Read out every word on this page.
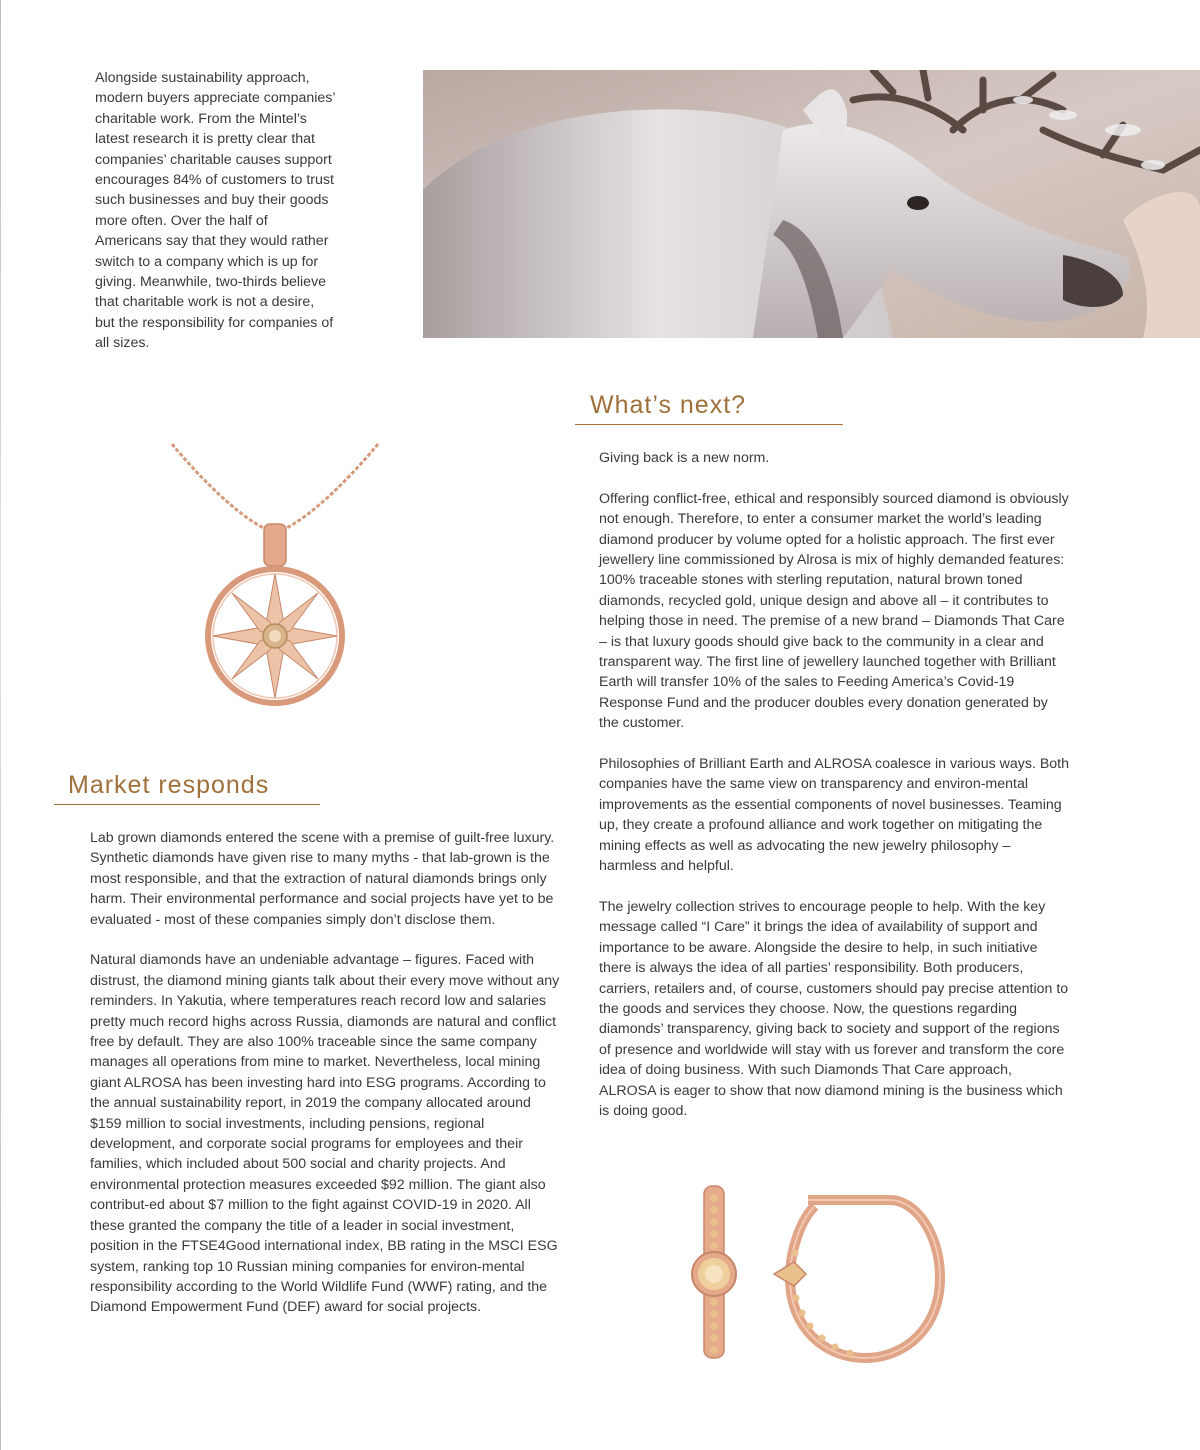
Alongside sustainability approach, modern buyers appreciate companies’ charitable work. From the Mintel’s latest research it is pretty clear that companies’ charitable causes support encourages 84% of customers to trust such businesses and buy their goods more often. Over the half of Americans say that they would rather switch to a company which is up for giving. Meanwhile, two-thirds believe that charitable work is not a desire, but the responsibility for companies of all sizes.

What’s next?

Giving back is a new norm.

Offering conflict-free, ethical and responsibly sourced diamond is obviously not enough. Therefore, to enter a consumer market the world’s leading diamond producer by volume opted for a holistic approach. The first ever jewellery line commissioned by Alrosa is mix of highly demanded features: 100% traceable stones with sterling reputation, natural brown toned diamonds, recycled gold, unique design and above all – it contributes to helping those in need. The premise of a new brand – Diamonds That Care – is that luxury goods should give back to the community in a clear and transparent way. The first line of jewellery launched together with Brilliant Earth will transfer 10% of the sales to Feeding America’s Covid-19 Response Fund and the producer doubles every donation generated by the customer.

Philosophies of Brilliant Earth and ALROSA coalesce in various ways. Both companies have the same view on transparency and environ-mental improvements as the essential components of novel businesses. Teaming up, they create a profound alliance and work together on mitigating the mining effects as well as advocating the new jewelry philosophy – harmless and helpful.

The jewelry collection strives to encourage people to help. With the key message called “I Care” it brings the idea of availability of support and importance to be aware. Alongside the desire to help, in such initiative there is always the idea of all parties’ responsibility. Both producers, carriers, retailers and, of course, customers should pay precise attention to the goods and services they choose. Now, the questions regarding diamonds’ transparency, giving back to society and support of the regions of presence and worldwide will stay with us forever and transform the core idea of doing business. With such Diamonds That Care approach, ALROSA is eager to show that now diamond mining is the business which is doing good.

Market responds

Lab grown diamonds entered the scene with a premise of guilt-free luxury. Synthetic diamonds have given rise to many myths - that lab-grown is the most responsible, and that the extraction of natural diamonds brings only harm. Their environmental performance and social projects have yet to be evaluated - most of these companies simply don’t disclose them.

Natural diamonds have an undeniable advantage – figures. Faced with distrust, the diamond mining giants talk about their every move without any reminders. In Yakutia, where temperatures reach record low and salaries pretty much record highs across Russia, diamonds are natural and conflict free by default. They are also 100% traceable since the same company manages all operations from mine to market. Nevertheless, local mining giant ALROSA has been investing hard into ESG programs. According to the annual sustainability report, in 2019 the company allocated around $159 million to social investments, including pensions, regional development, and corporate social programs for employees and their families, which included about 500 social and charity projects. And environmental protection measures exceeded $92 million. The giant also contribut-ed about $7 million to the fight against COVID-19 in 2020. All these granted the company the title of a leader in social investment, position in the FTSE4Good international index, BB rating in the MSCI ESG system, ranking top 10 Russian mining companies for environ-mental responsibility according to the World Wildlife Fund (WWF) rating, and the Diamond Empowerment Fund (DEF) award for social projects.
